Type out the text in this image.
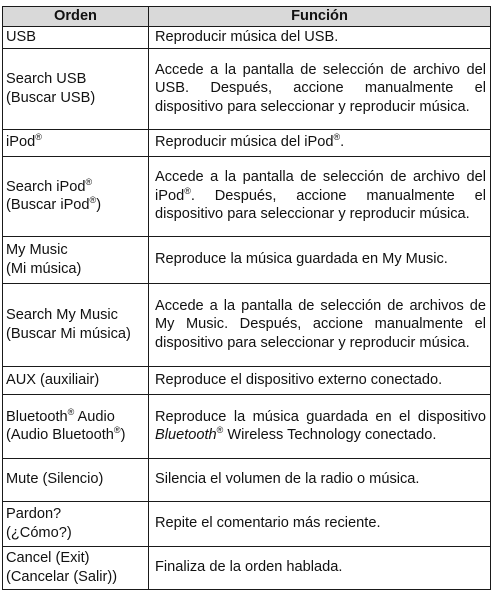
Orden	Función
USB	Reproducir música del USB.
Search USB
(Buscar USB)	Accede a la pantalla de selección de archivo del USB. Después, accione manualmente el dispositivo para seleccionar y reproducir música.
iPod®	Reproducir música del iPod®.
Search iPod®
(Buscar iPod®)	Accede a la pantalla de selección de archivo del iPod®. Después, accione manualmente el dispositivo para seleccionar y reproducir música.
My Music
(Mi música)	Reproduce la música guardada en My Music.
Search My Music
(Buscar Mi música)	Accede a la pantalla de selección de archivos de My Music. Después, accione manualmente el dispositivo para seleccionar y reproducir música.
AUX (auxiliair)	Reproduce el dispositivo externo conectado.
Bluetooth® Audio
(Audio Bluetooth®)	Reproduce la música guardada en el dispositivo Bluetooth® Wireless Technology conectado.
Mute (Silencio)	Silencia el volumen de la radio o música.
Pardon?
(¿Cómo?)	Repite el comentario más reciente.
Cancel (Exit)
(Cancelar (Salir))	Finaliza de la orden hablada.
